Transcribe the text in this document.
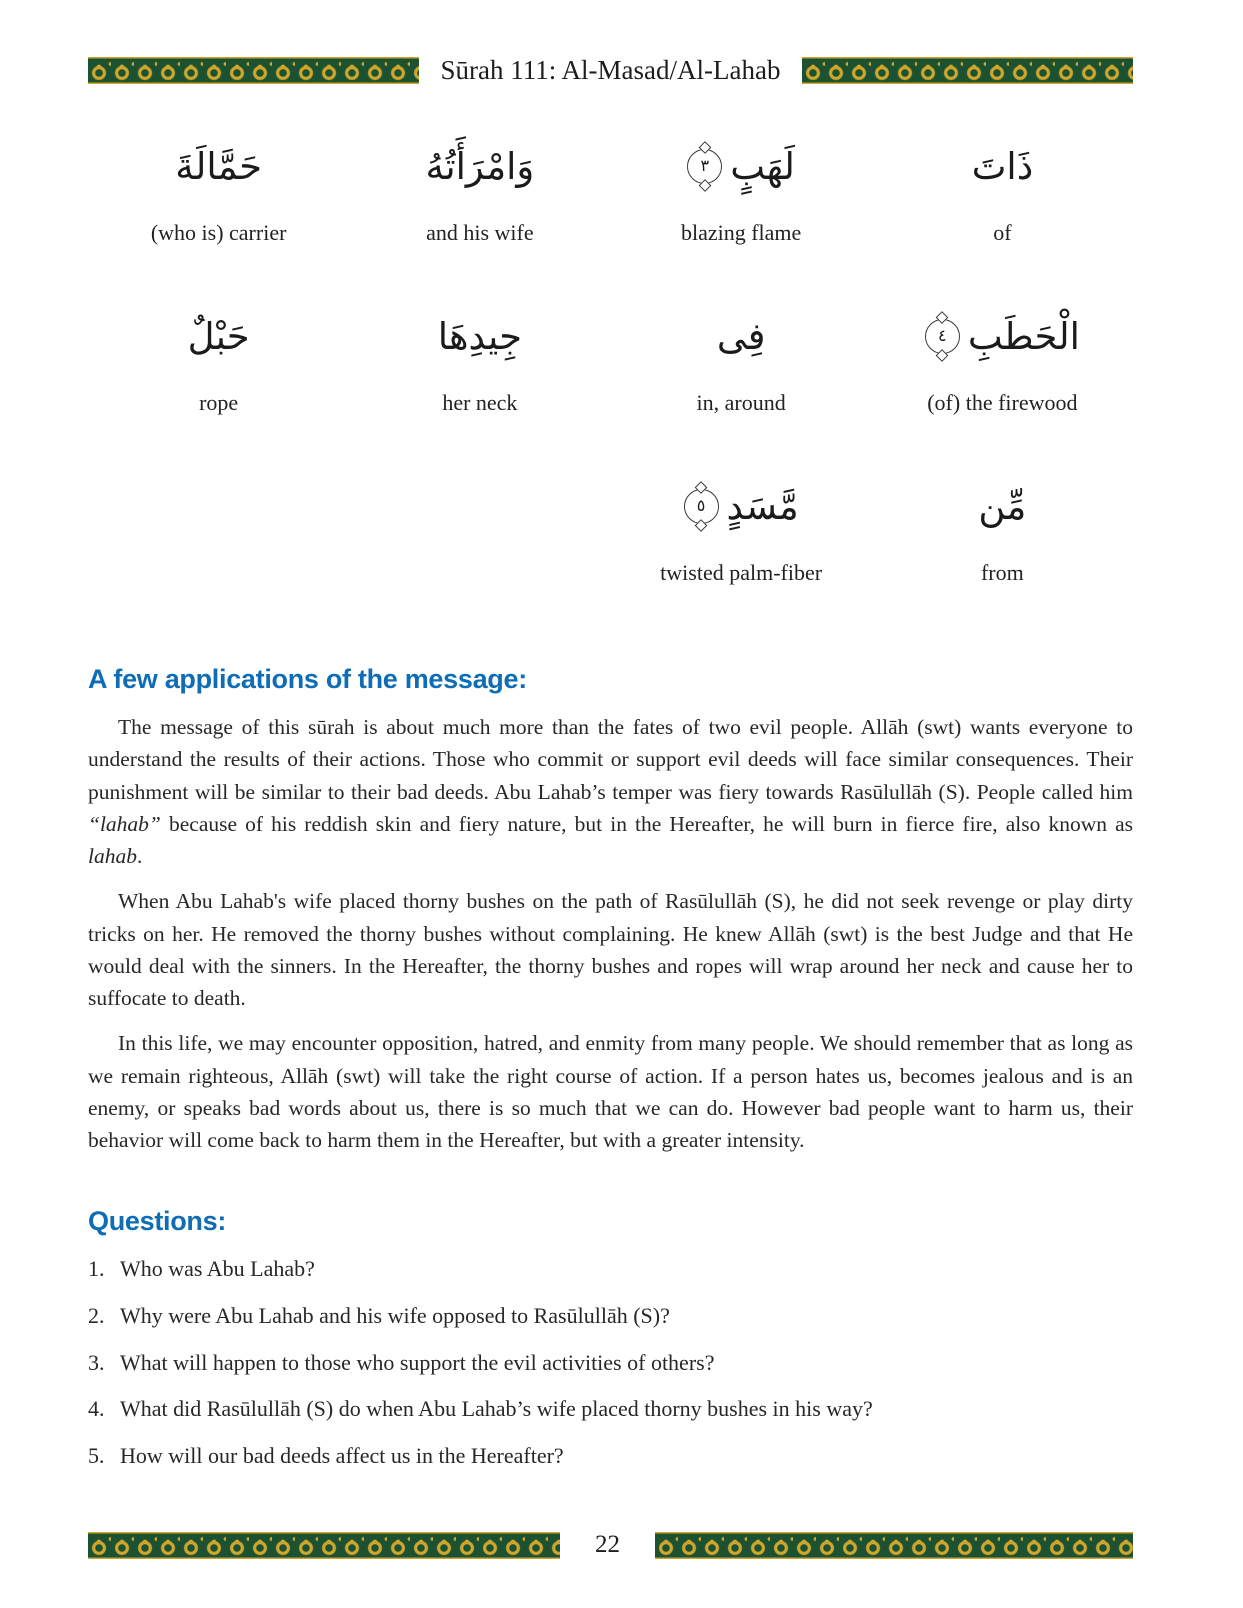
Sūrah 111: Al-Masad/Al-Lahab
حَمَّالَةَ
(who is) carrier
وَامْرَأَتُهُ
and his wife
لَهَبٍ
٣
blazing flame
ذَاتَ
of
حَبْلٌ
rope
جِيدِهَا
her neck
فِى
in, around
الْحَطَبِ
٤
(of) the firewood
مَّسَدٍ
٥
twisted palm-fiber
مِّن
from
A few applications of the message:

The message of this sūrah is about much more than the fates of two evil people. Allāh (swt) wants everyone to understand the results of their actions. Those who commit or support evil deeds will face similar consequences. Their punishment will be similar to their bad deeds. Abu Lahab’s temper was fiery towards Rasūlullāh (S). People called him “lahab” because of his reddish skin and fiery nature, but in the Hereafter, he will burn in fierce fire, also known as lahab.

When Abu Lahab's wife placed thorny bushes on the path of Rasūlullāh (S), he did not seek revenge or play dirty tricks on her. He removed the thorny bushes without complaining. He knew Allāh (swt) is the best Judge and that He would deal with the sinners. In the Hereafter, the thorny bushes and ropes will wrap around her neck and cause her to suffocate to death.

In this life, we may encounter opposition, hatred, and enmity from many people. We should remember that as long as we remain righteous, Allāh (swt) will take the right course of action. If a person hates us, becomes jealous and is an enemy, or speaks bad words about us, there is so much that we can do. However bad people want to harm us, their behavior will come back to harm them in the Hereafter, but with a greater intensity.

Questions:
1. Who was Abu Lahab?
2. Why were Abu Lahab and his wife opposed to Rasūlullāh (S)?
3. What will happen to those who support the evil activities of others?
4. What did Rasūlullāh (S) do when Abu Lahab’s wife placed thorny bushes in his way?
5. How will our bad deeds affect us in the Hereafter?
22
